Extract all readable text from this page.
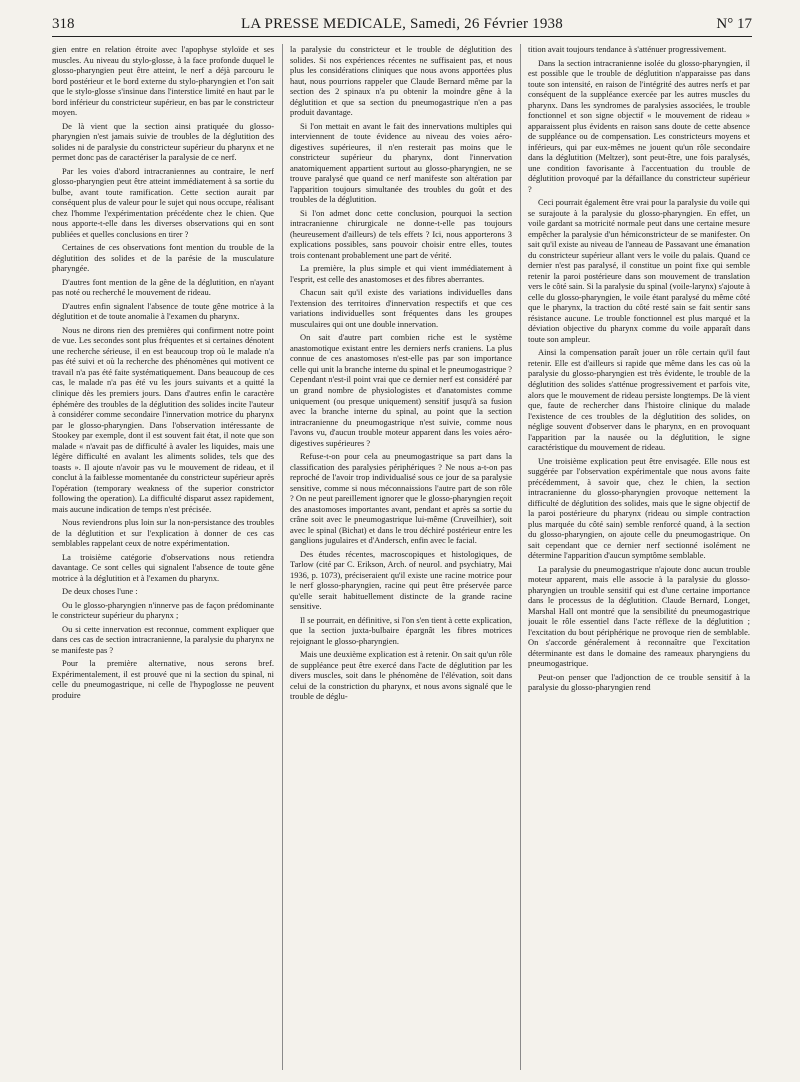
318	LA PRESSE MEDICALE, Samedi, 26 Février 1938	N° 17

gien entre en relation étroite avec l'apophyse styloïde et ses muscles. Au niveau du stylo-glosse, à la face profonde duquel le glosso-pharyngien peut être atteint, le nerf a déjà parcouru le bord postérieur et le bord externe du stylo-pharyngien et l'on sait que le stylo-glosse s'insinue dans l'interstice limité en haut par le bord inférieur du constricteur supérieur, en bas par le constricteur moyen.

De là vient que la section ainsi pratiquée du glosso-pharyngien n'est jamais suivie de troubles de la déglutition des solides ni de paralysie du constricteur supérieur du pharynx et ne permet donc pas de caractériser la paralysie de ce nerf.

Par les voies d'abord intracraniennes au contraire, le nerf glosso-pharyngien peut être atteint immédiatement à sa sortie du bulbe, avant toute ramification. Cette section aurait par conséquent plus de valeur pour le sujet qui nous occupe, réalisant chez l'homme l'expérimentation précédente chez le chien. Que nous apporte-t-elle dans les diverses observations qui en sont publiées et quelles conclusions en tirer ?

Certaines de ces observations font mention du trouble de la déglutition des solides et de la parésie de la musculature pharyngée.

D'autres font mention de la gêne de la déglutition, en n'ayant pas noté ou recherché le mouvement de rideau.

D'autres enfin signalent l'absence de toute gêne motrice à la déglutition et de toute anomalie à l'examen du pharynx.

Nous ne dirons rien des premières qui confirment notre point de vue. Les secondes sont plus fréquentes et si certaines dénotent une recherche sérieuse, il en est beaucoup trop où le malade n'a pas été suivi et où la recherche des phénomènes qui motivent ce travail n'a pas été faite systématiquement. Dans beaucoup de ces cas, le malade n'a pas été vu les jours suivants et a quitté la clinique dès les premiers jours. Dans d'autres enfin le caractère éphémère des troubles de la déglutition des solides incite l'auteur à considérer comme secondaire l'innervation motrice du pharynx par le glosso-pharyngien. Dans l'observation intéressante de Stookey par exemple, dont il est souvent fait état, il note que son malade « n'avait pas de difficulté à avaler les liquides, mais une légère difficulté en avalant les aliments solides, tels que des toasts ». Il ajoute n'avoir pas vu le mouvement de rideau, et il conclut à la faiblesse momentanée du constricteur supérieur après l'opération (temporary weakness of the superior constrictor following the operation). La difficulté disparut assez rapidement, mais aucune indication de temps n'est précisée.

Nous reviendrons plus loin sur la non-persistance des troubles de la déglutition et sur l'explication à donner de ces cas semblables rappelant ceux de notre expérimentation.

La troisième catégorie d'observations nous retiendra davantage. Ce sont celles qui signalent l'absence de toute gêne motrice à la déglutition et à l'examen du pharynx.

De deux choses l'une :

Ou le glosso-pharyngien n'innerve pas de façon prédominante le constricteur supérieur du pharynx ;

Ou si cette innervation est reconnue, comment expliquer que dans ces cas de section intracranienne, la paralysie du pharynx ne se manifeste pas ?

Pour la première alternative, nous serons bref. Expérimentalement, il est prouvé que ni la section du spinal, ni celle du pneumogastrique, ni celle de l'hypoglosse ne peuvent produire

la paralysie du constricteur et le trouble de déglutition des solides. Si nos expériences récentes ne suffisaient pas, et nous plus les considérations cliniques que nous avons apportées plus haut, nous pourrions rappeler que Claude Bernard même par la section des 2 spinaux n'a pu obtenir la moindre gêne à la déglutition et que sa section du pneumogastrique n'en a pas produit davantage.

Si l'on mettait en avant le fait des innervations multiples qui interviennent de toute évidence au niveau des voies aéro-digestives supérieures, il n'en resterait pas moins que le constricteur supérieur du pharynx, dont l'innervation anatomiquement appartient surtout au glosso-pharyngien, ne se trouve paralysé que quand ce nerf manifeste son altération par l'apparition toujours simultanée des troubles du goût et des troubles de la déglutition.

Si l'on admet donc cette conclusion, pourquoi la section intracranienne chirurgicale ne donne-t-elle pas toujours (heureusement d'ailleurs) de tels effets ? Ici, nous apporterons 3 explications possibles, sans pouvoir choisir entre elles, toutes trois contenant probablement une part de vérité.

La première, la plus simple et qui vient immédiatement à l'esprit, est celle des anastomoses et des fibres aberrantes.

Chacun sait qu'il existe des variations individuelles dans l'extension des territoires d'innervation respectifs et que ces variations individuelles sont fréquentes dans les groupes musculaires qui ont une double innervation.

On sait d'autre part combien riche est le système anastomotique existant entre les derniers nerfs craniens. La plus connue de ces anastomoses n'est-elle pas par son importance celle qui unit la branche interne du spinal et le pneumogastrique ? Cependant n'est-il point vrai que ce dernier nerf est considéré par un grand nombre de physiologistes et d'anatomistes comme uniquement (ou presque uniquement) sensitif jusqu'à sa fusion avec la branche interne du spinal, au point que la section intracranienne du pneumogastrique n'est suivie, comme nous l'avons vu, d'aucun trouble moteur apparent dans les voies aéro-digestives supérieures ?

Refuse-t-on pour cela au pneumogastrique sa part dans la classification des paralysies périphériques ? Ne nous a-t-on pas reproché de l'avoir trop individualisé sous ce jour de sa paralysie sensitive, comme si nous méconnaissions l'autre part de son rôle ? On ne peut pareillement ignorer que le glosso-pharyngien reçoit des anastomoses importantes avant, pendant et après sa sortie du crâne soit avec le pneumogastrique lui-même (Cruveilhier), soit avec le spinal (Bichat) et dans le trou déchiré postérieur entre les ganglions jugulaires et d'Andersch, enfin avec le facial.

Des études récentes, macroscopiques et histologiques, de Tarlow (cité par C. Erikson, Arch. of neurol. and psychiatry, Mai 1936, p. 1073), préciseraient qu'il existe une racine motrice pour le nerf glosso-pharyngien, racine qui peut être préservée parce qu'elle serait habituellement distincte de la grande racine sensitive.

Il se pourrait, en définitive, si l'on s'en tient à cette explication, que la section juxta-bulbaire épargnât les fibres motrices rejoignant le glosso-pharyngien.

Mais une deuxième explication est à retenir. On sait qu'un rôle de suppléance peut être exercé dans l'acte de déglutition par les divers muscles, soit dans le phénomène de l'élévation, soit dans celui de la constriction du pharynx, et nous avons signalé que le trouble de déglu-

tition avait toujours tendance à s'atténuer progressivement.

Dans la section intracranienne isolée du glosso-pharyngien, il est possible que le trouble de déglutition n'apparaisse pas dans toute son intensité, en raison de l'intégrité des autres nerfs et par conséquent de la suppléance exercée par les autres muscles du pharynx. Dans les syndromes de paralysies associées, le trouble fonctionnel et son signe objectif « le mouvement de rideau » apparaissent plus évidents en raison sans doute de cette absence de suppléance ou de compensation. Les constricteurs moyens et inférieurs, qui par eux-mêmes ne jouent qu'un rôle secondaire dans la déglutition (Meltzer), sont peut-être, une fois paralysés, une condition favorisante à l'accentuation du trouble de déglutition provoqué par la défaillance du constricteur supérieur ?

Ceci pourrait également être vrai pour la paralysie du voile qui se surajoute à la paralysie du glosso-pharyngien. En effet, un voile gardant sa motricité normale peut dans une certaine mesure empêcher la paralysie d'un hémiconstricteur de se manifester. On sait qu'il existe au niveau de l'anneau de Passavant une émanation du constricteur supérieur allant vers le voile du palais. Quand ce dernier n'est pas paralysé, il constitue un point fixe qui semble retenir la paroi postérieure dans son mouvement de translation vers le côté sain. Si la paralysie du spinal (voile-larynx) s'ajoute à celle du glosso-pharyngien, le voile étant paralysé du même côté que le pharynx, la traction du côté resté sain se fait sentir sans résistance aucune. Le trouble fonctionnel est plus marqué et la déviation objective du pharynx comme du voile apparaît dans toute son ampleur.

Ainsi la compensation paraît jouer un rôle certain qu'il faut retenir. Elle est d'ailleurs si rapide que même dans les cas où la paralysie du glosso-pharyngien est très évidente, le trouble de la déglutition des solides s'atténue progressivement et parfois vite, alors que le mouvement de rideau persiste longtemps. De là vient que, faute de rechercher dans l'histoire clinique du malade l'existence de ces troubles de la déglutition des solides, on néglige souvent d'observer dans le pharynx, en en provoquant l'apparition par la nausée ou la déglutition, le signe caractéristique du mouvement de rideau.

Une troisième explication peut être envisagée. Elle nous est suggérée par l'observation expérimentale que nous avons faite précédemment, à savoir que, chez le chien, la section intracranienne du glosso-pharyngien provoque nettement la difficulté de déglutition des solides, mais que le signe objectif de la paroi postérieure du pharynx (rideau ou simple contraction plus marquée du côté sain) semble renforcé quand, à la section du glosso-pharyngien, on ajoute celle du pneumogastrique. On sait cependant que ce dernier nerf sectionné isolément ne détermine l'apparition d'aucun symptôme semblable.

La paralysie du pneumogastrique n'ajoute donc aucun trouble moteur apparent, mais elle associe à la paralysie du glosso-pharyngien un trouble sensitif qui est d'une certaine importance dans le processus de la déglutition. Claude Bernard, Longet, Marshal Hall ont montré que la sensibilité du pneumogastrique jouait le rôle essentiel dans l'acte réflexe de la déglutition ; l'excitation du bout périphérique ne provoque rien de semblable. On s'accorde généralement à reconnaître que l'excitation déterminante est dans le domaine des rameaux pharyngiens du pneumogastrique.

Peut-on penser que l'adjonction de ce trouble sensitif à la paralysie du glosso-pharyngien rend
